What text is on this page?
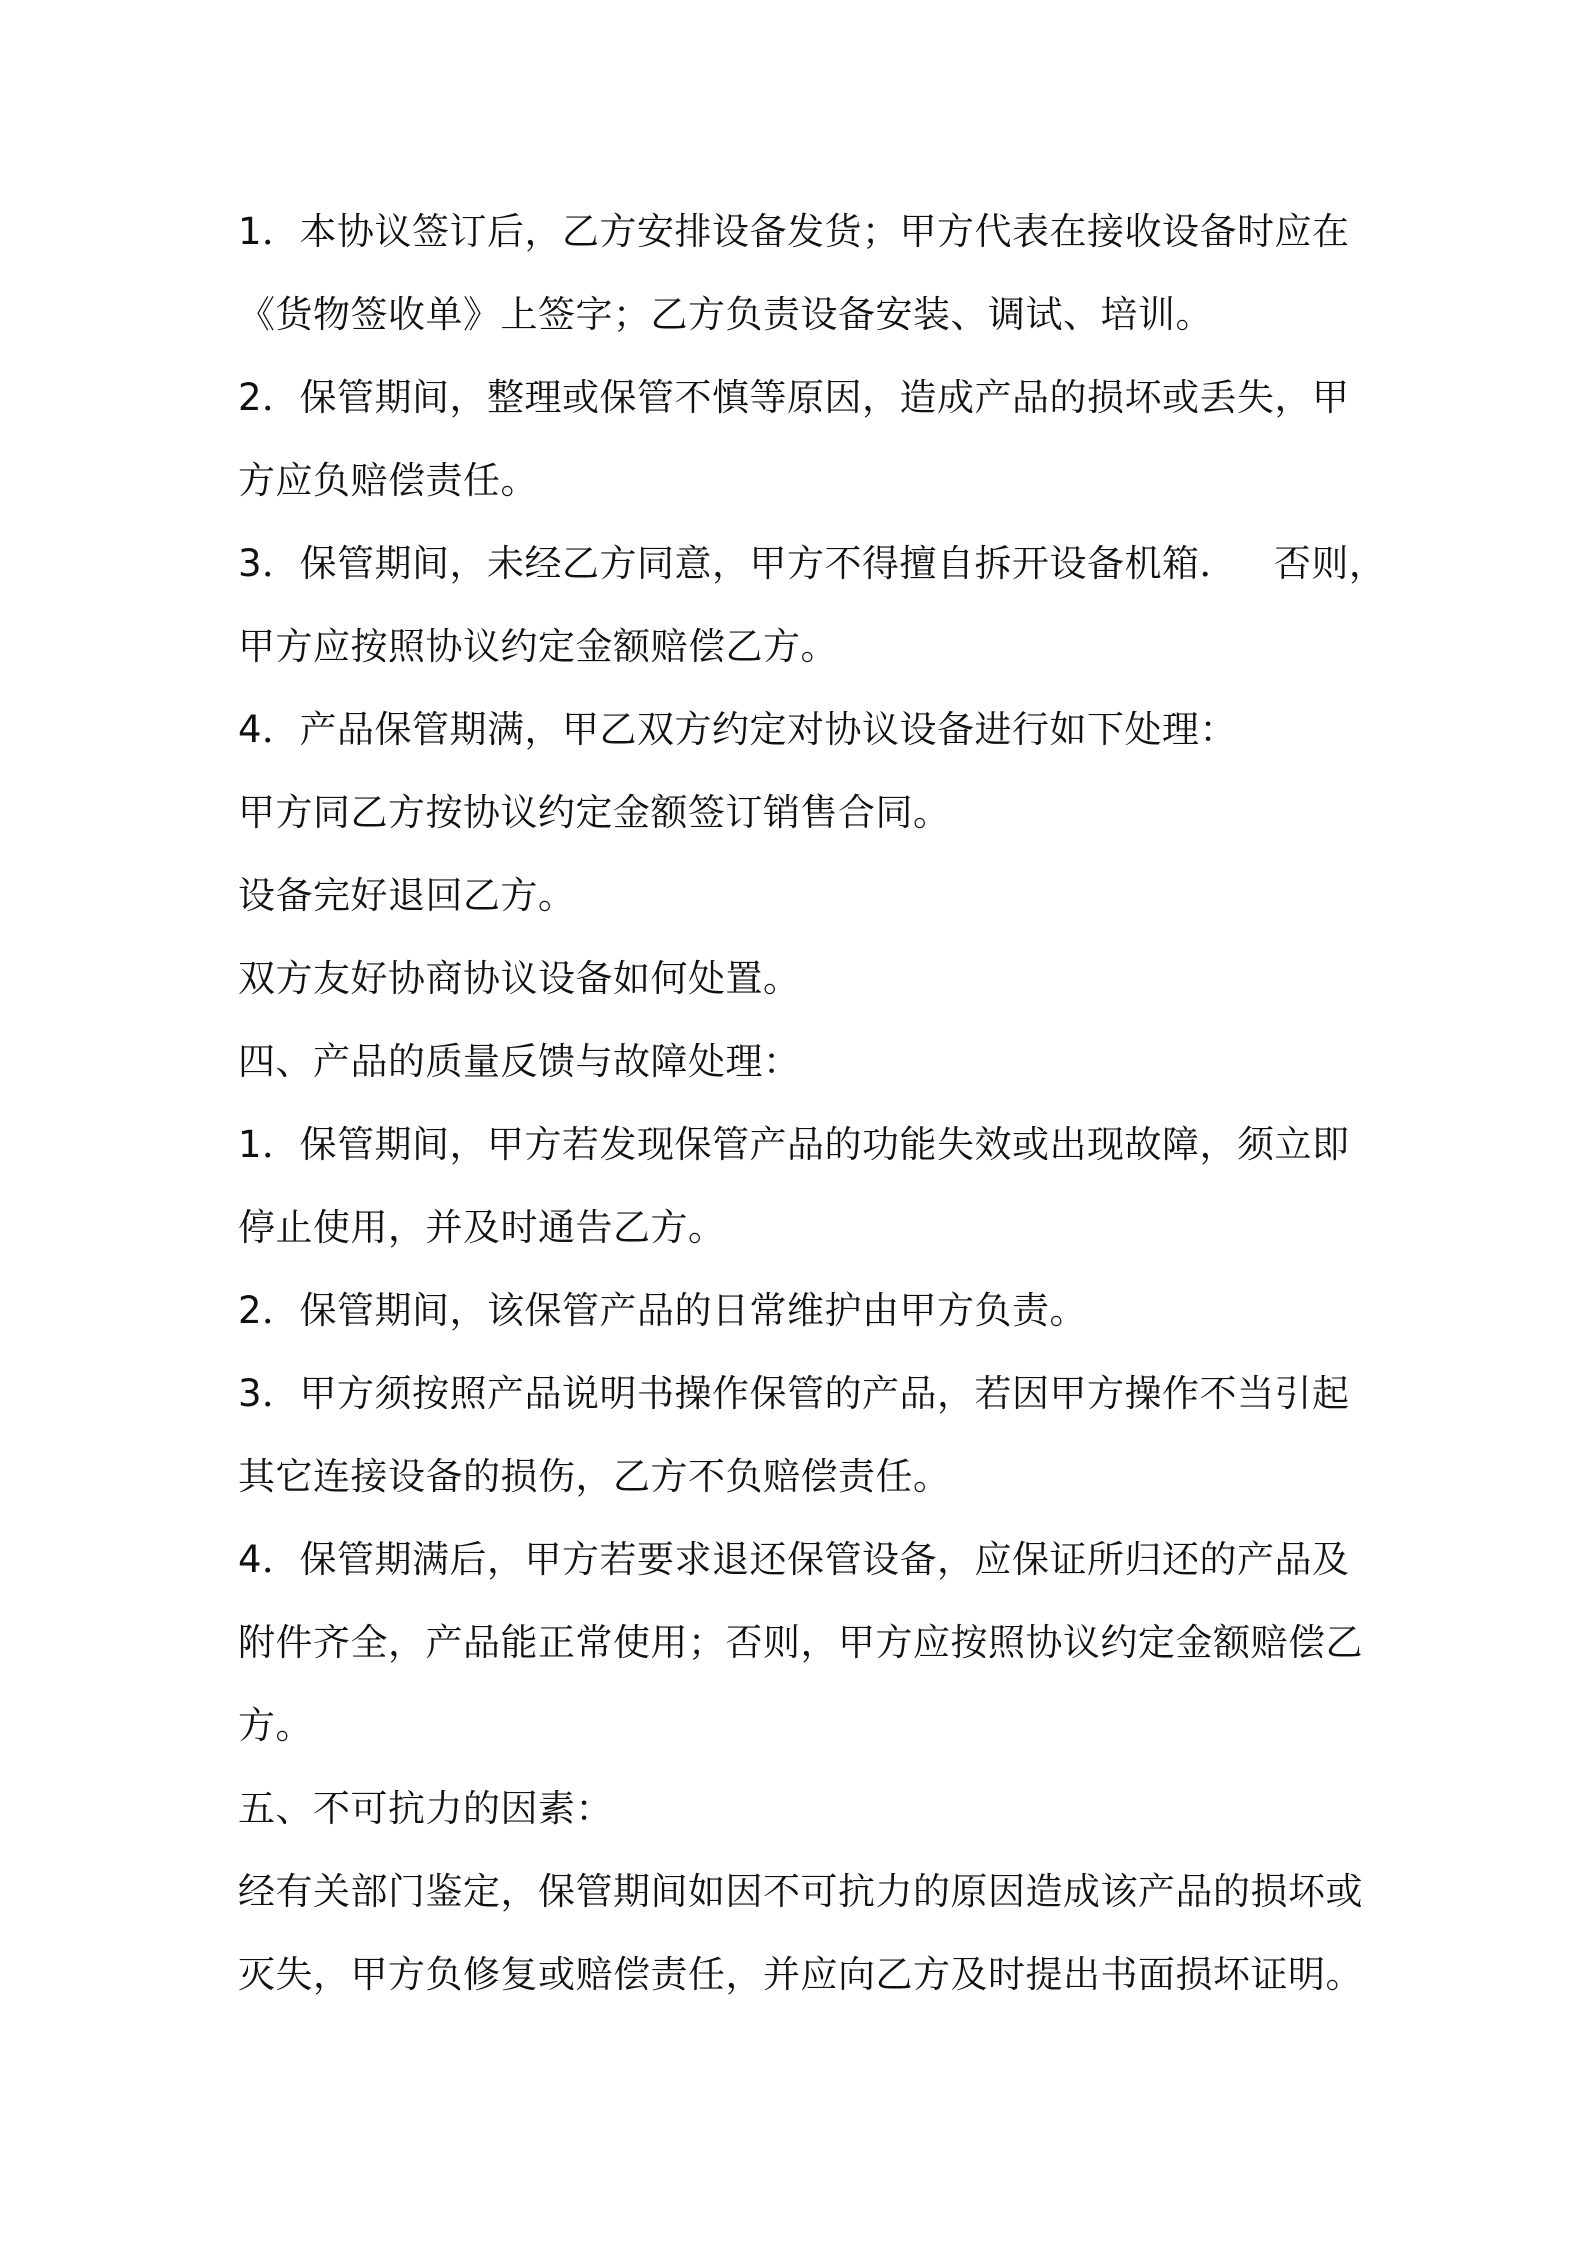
1．本协议签订后，乙方安排设备发货；甲方代表在接收设备时应在
《货物签收单》上签字；乙方负责设备安装、调试、培训。
2．保管期间，整理或保管不慎等原因，造成产品的损坏或丢失，甲
方应负赔偿责任。
3．保管期间，未经乙方同意，甲方不得擅自拆开设备机箱．   否则，
甲方应按照协议约定金额赔偿乙方。
4．产品保管期满，甲乙双方约定对协议设备进行如下处理：
甲方同乙方按协议约定金额签订销售合同。
设备完好退回乙方。
双方友好协商协议设备如何处置。
四、产品的质量反馈与故障处理：
1．保管期间，甲方若发现保管产品的功能失效或出现故障，须立即
停止使用，并及时通告乙方。
2．保管期间，该保管产品的日常维护由甲方负责。
3．甲方须按照产品说明书操作保管的产品，若因甲方操作不当引起
其它连接设备的损伤，乙方不负赔偿责任。
4．保管期满后，甲方若要求退还保管设备，应保证所归还的产品及
附件齐全，产品能正常使用；否则，甲方应按照协议约定金额赔偿乙
方。
五、不可抗力的因素：
经有关部门鉴定，保管期间如因不可抗力的原因造成该产品的损坏或
灭失，甲方负修复或赔偿责任，并应向乙方及时提出书面损坏证明。
